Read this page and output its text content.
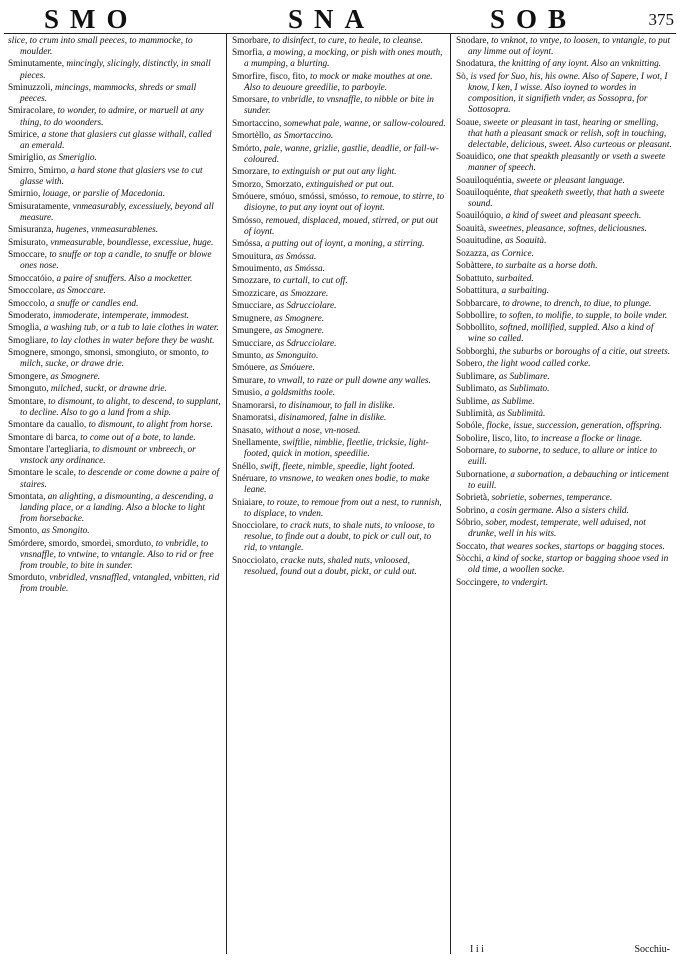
SMO	SNA	SOB	375
slice, to crum into small peeces, to mammocke, to moulder.
Sminutamente, mincingly, slicingly, distinctly, in small pieces.
Sminuzzoli, mincings, mammocks, shreds or small peeces.
Smiracolare, to wonder, to admire, or maruell at any thing, to do woonders.
Smirice, a stone that glasiers cut glasse withall, called an emerald.
Smiriglio, as Smeriglio.
Smirro, Smirno, a hard stone that glasiers vse to cut glasse with.
Smirnio, louage, or parslie of Macedonia.
Smisuratamente, vnmeasurably, excessiuely, beyond all measure.
Smisuranza, hugenes, vnmeasurablenes.
Smisurato, vnmeasurable, boundlesse, excessiue, huge.
Smoccare, to snuffe or top a candle, to snuffe or blowe ones nose.
Smoccatóio, a paire of snuffers. Also a mocketter.
Smoccolare, as Smoccare.
Smoccolo, a snuffe or candles end.
Smoderato, immoderate, intemperate, immodest.
Smoglia, a washing tub, or a tub to laie clothes in water.
Smogliare, to lay clothes in water before they be washt.
Smognere, smongo, smonsi, smongiuto, or smonto, to milch, sucke, or drawe drie.
Smongere, as Smognere.
Smonguto, milched, suckt, or drawne drie.
Smontare, to dismount, to alight, to descend, to supplant, to decline. Also to go a land from a ship.
Smontare da cauallo, to dismount, to alight from horse.
Smontare di barca, to come out of a bote, to lande.
Smontare l'artegliaria, to dismount or vnbreech, or vnstock any ordinance.
Smontare le scale, to descende or come downe a paire of staires.
Smontata, an alighting, a dismounting, a descending, a landing place, or a landing. Also a blocke to light from horsebacke.
Smonto, as Smongito.
Smórdere, smordo, smordei, smorduto, to vnbridle, to vnsnaffle, to vntwine, to vntangle. Also to rid or free from trouble, to bite in sunder.
Smorduto, vnbridled, vnsnaffled, vntangled, vnbitten, rid from trouble.
Smorbare, to disinfect, to cure, to heale, to cleanse.
Smorfia, a mowing, a mocking, or pish with ones mouth, a mumping, a blurting.
Smorfire, fisco, fito, to mock or make mouthes at one. Also to deuoure greedilie, to parboyle.
Smorsare, to vnbridle, to vnsnaffle, to nibble or bite in sunder.
Smortaccino, somewhat pale, wanne, or sallow-coloured.
Smortèllo, as Smortaccino.
Smórto, pale, wanne, grizlie, gastlie, deadlie, or fall-w-coloured.
Smorzare, to extinguish or put out any light.
Smorzo, Smorzato, extinguished or put out.
Smóuere, smóuo, smóssi, smósso, to remoue, to stirre, to disioyne, to put any ioynt out of ioynt.
Smósso, remoued, displaced, moued, stirred, or put out of ioynt.
Smóssa, a putting out of ioynt, a moning, a stirring.
Smouitura, as Smóssa.
Smouimento, as Smóssa.
Smozzare, to curtall, to cut off.
Smozzicare, as Smozzare.
Smucciare, as Sdrucciolare.
Smugnere, as Smognere.
Smungere, as Smognere.
Smucciare, as Sdrucciolare.
Smunto, as Smonguito.
Smóuere, as Smóuere.
Smurare, to vnwall, to raze or pull downe any walles.
Smusio, a goldsmiths toole.
Snamorarsi, to disinamour, to fall in dislike.
Snamoratsi, disinamored, falne in dislike.
Snasato, without a nose, vn-nosed.
Snellamente, swiftlie, nimblie, fleetlie, tricksie, light-footed, quick in motion, speedilie.
Snéllo, swift, fleete, nimble, speedie, light footed.
Snéruare, to vnsnowe, to weaken ones bodie, to make leane.
Sniaiare, to rouze, to remoue from out a nest, to runnish, to displace, to vnden.
Snocciolare, to crack nuts, to shale nuts, to vnloose, to resolue, to finde out a doubt, to pick or cull out, to rid, to vntangle.
Snocciolato, cracke nuts, shaled nuts, vnloosed, resolued, found out a doubt, pickt, or culd out.
Snodare, to vnknot, to vntye, to loosen, to vntangle, to put any limme out of ioynt.
Snodatura, the knitting of any ioynt. Also an vnknitting.
Sò, is vsed for Suo, his, his owne. Also of Sapere, I wot, I know, I ken, I wisse. Also ioyned to wordes in composition, it signifieth vnder, as Sossopra, for Sottosopra.
Soaue, sweete or pleasant in tast, hearing or smelling, that hath a pleasant smack or relish, soft in touching, delectable, delicious, sweet. Also curteous or pleasant.
Soauidico, one that speakth pleasantly or vseth a sweete manner of speech.
Soauiloquéntia, sweete or pleasant language.
Soauiloquénte, that speaketh sweetly, that hath a sweete sound.
Soauilóquio, a kind of sweet and pleasant speech.
Soauità, sweetnes, pleasance, softnes, deliciousnes.
Soauitudine, as Soauità.
Sozazza, as Cornice.
Sobàttere, to surbaite as a horse doth.
Sobattuto, surbaited.
Sobattitura, a surbaiting.
Sobbarcare, to drowne, to drench, to diue, to plunge.
Sobbollire, to soften, to molifie, to supple, to boile vnder.
Sobbollito, softned, mollified, suppled. Also a kind of wine so called.
Sobborghi, the suburbs or boroughs of a citie, out streets.
Sobero, the light wood called corke.
Sublimare, as Sublimare.
Sublimato, as Sublimato.
Sublime, as Sublime.
Sublimità, as Sublimità.
Sobóle, flocke, issue, succession, generation, offspring.
Sobolire, lisco, lito, to increase a flocke or linage.
Sobornare, to suborne, to seduce, to allure or intice to euill.
Subornatione, a subornation, a debauching or inticement to euill.
Sobrietà, sobrietie, sobernes, temperance.
Sobrino, a cosin germane. Also a sisters child.
Sóbrio, sober, modest, temperate, well aduised, not drunke, well in his wits.
Soccato, that weares sockes, startops or bagging stoces.
Sòcchi, a kind of socke, startop or bagging shooe vsed in old time, a woollen socke.
Soccingere, to vndergirt.
I i i	Socchiu-
